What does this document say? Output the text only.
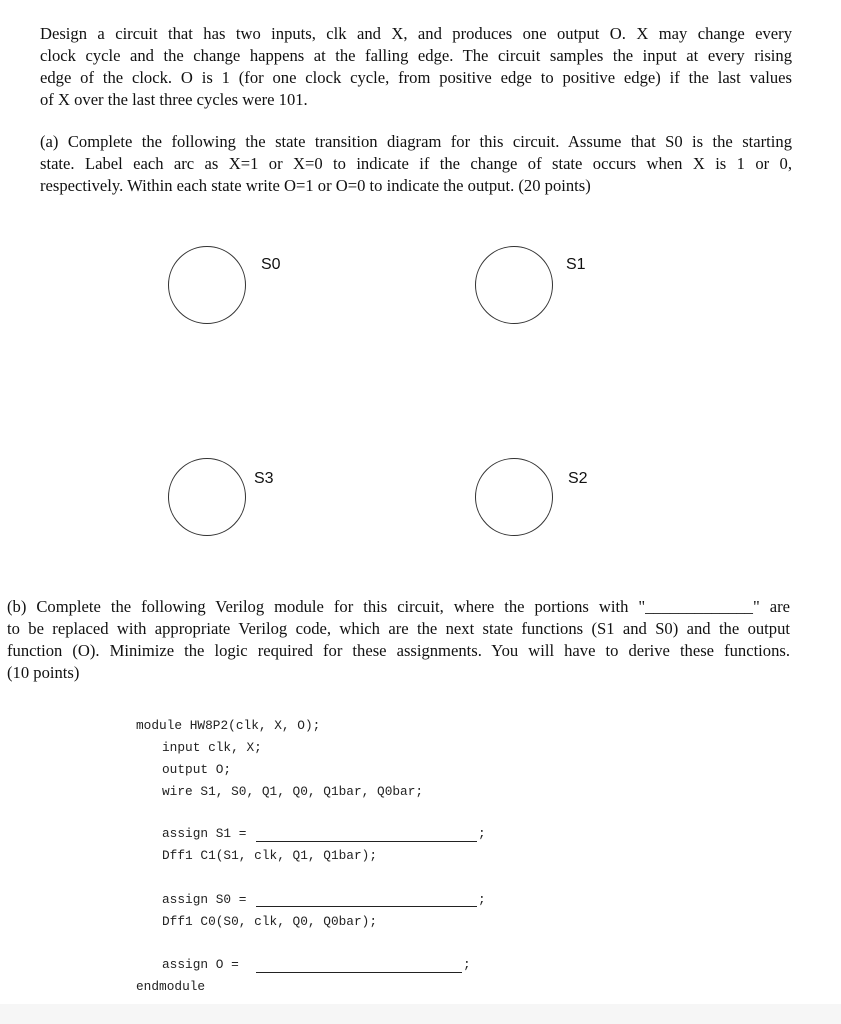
Design a circuit that has two inputs, clk and X, and produces one output O. X may change every
clock cycle and the change happens at the falling edge. The circuit samples the input at every rising
edge of the clock. O is 1 (for one clock cycle, from positive edge to positive edge) if the last values
of X over the last three cycles were 101.
(a) Complete the following the state transition diagram for this circuit. Assume that S0 is the starting
state. Label each arc as X=1 or X=0 to indicate if the change of state occurs when X is 1 or 0,
respectively. Within each state write O=1 or O=0 to indicate the output. (20 points)
S0	S1
S3	S2
(b) Complete the following Verilog module for this circuit, where the portions with "_____________" are
to be replaced with appropriate Verilog code, which are the next state functions (S1 and S0) and the output
function (O). Minimize the logic required for these assignments. You will have to derive these functions.
(10 points)
module HW8P2(clk, X, O);
input clk, X;
output O;
wire S1, S0, Q1, Q0, Q1bar, Q0bar;
assign S1 =	;
Dff1 C1(S1, clk, Q1, Q1bar);
assign S0 =	;
Dff1 C0(S0, clk, Q0, Q0bar);
assign O =	;
endmodule
